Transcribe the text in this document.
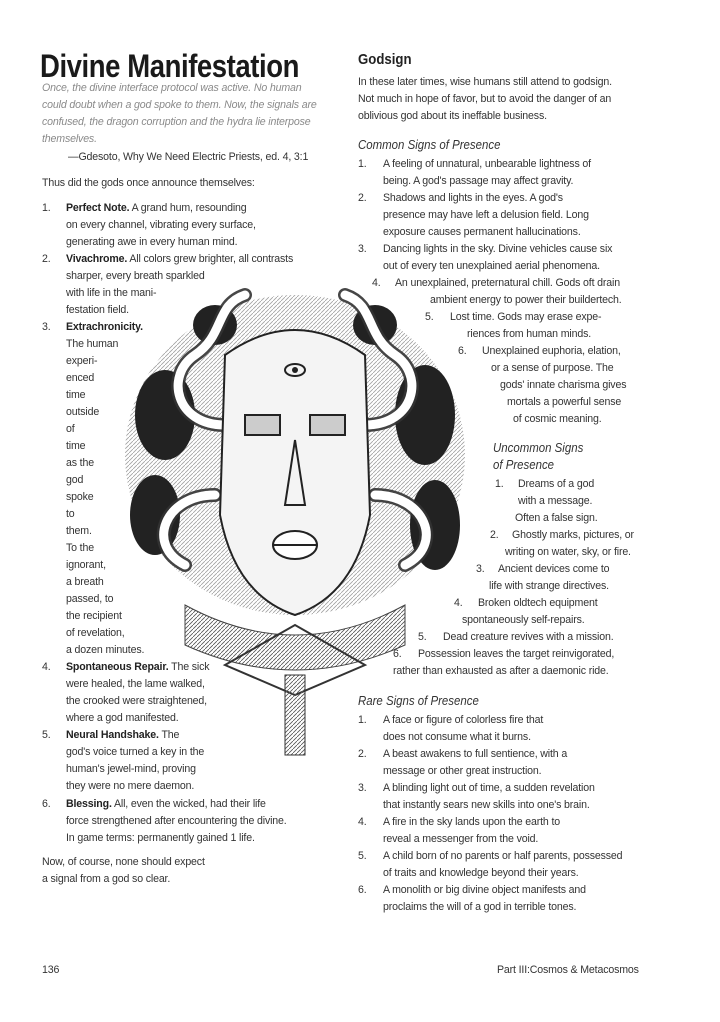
Divine Manifestation	Godsign
Common Signs of Presence
Uncommon Signs
of Presence
Rare Signs of Presence
Once, the divine interface protocol was active. No human
could doubt when a god spoke to them. Now, the signals are
confused, the dragon corruption and the hydra lie interpose
themselves.
—Gdesoto, Why We Need Electric Priests, ed. 4, 3:1
Thus did the gods once announce themselves:
1. Perfect Note. A grand hum, resounding
on every channel, vibrating every surface,
generating awe in every human mind.
2. Vivachrome. All colors grew brighter, all contrasts
sharper, every breath sparkled
with life in the mani-
festation field.
3. Extrachronicity.
The human
experi-
enced
time
outside
of
time
as the
god
spoke
to
them.
To the
ignorant,
a breath
passed, to
the recipient
of revelation,
a dozen minutes.
4. Spontaneous Repair. The sick
were healed, the lame walked,
the crooked were straightened,
where a god manifested.
5. Neural Handshake. The
god's voice turned a key in the
human's jewel-mind, proving
they were no mere daemon.
6. Blessing. All, even the wicked, had their life
force strengthened after encountering the divine.
In game terms: permanently gained 1 life.
Now, of course, none should expect
a signal from a god so clear.
In these later times, wise humans still attend to godsign.
Not much in hope of favor, but to avoid the danger of an
oblivious god about its ineffable business.
1. A feeling of unnatural, unbearable lightness of
being. A god's passage may affect gravity.
2. Shadows and lights in the eyes. A god's
presence may have left a delusion field. Long
exposure causes permanent hallucinations.
3. Dancing lights in the sky. Divine vehicles cause six
out of every ten unexplained aerial phenomena.
4. An unexplained, preternatural chill. Gods oft drain
ambient energy to power their buildertech.
5. Lost time. Gods may erase expe-
riences from human minds.
6. Unexplained euphoria, elation,
or a sense of purpose. The
gods' innate charisma gives
mortals a powerful sense
of cosmic meaning.
1. Dreams of a god
with a message.
Often a false sign.
2. Ghostly marks, pictures, or
writing on water, sky, or fire.
3. Ancient devices come to
life with strange directives.
4. Broken oldtech equipment
spontaneously self-repairs.
5. Dead creature revives with a mission.
6. Possession leaves the target reinvigorated,
rather than exhausted as after a daemonic ride.
1. A face or figure of colorless fire that
does not consume what it burns.
2. A beast awakens to full sentience, with a
message or other great instruction.
3. A blinding light out of time, a sudden revelation
that instantly sears new skills into one's brain.
4. A fire in the sky lands upon the earth to
reveal a messenger from the void.
5. A child born of no parents or half parents, possessed
of traits and knowledge beyond their years.
6. A monolith or big divine object manifests and
proclaims the will of a god in terrible tones.
136	Part III:Cosmos & Metacosmos
